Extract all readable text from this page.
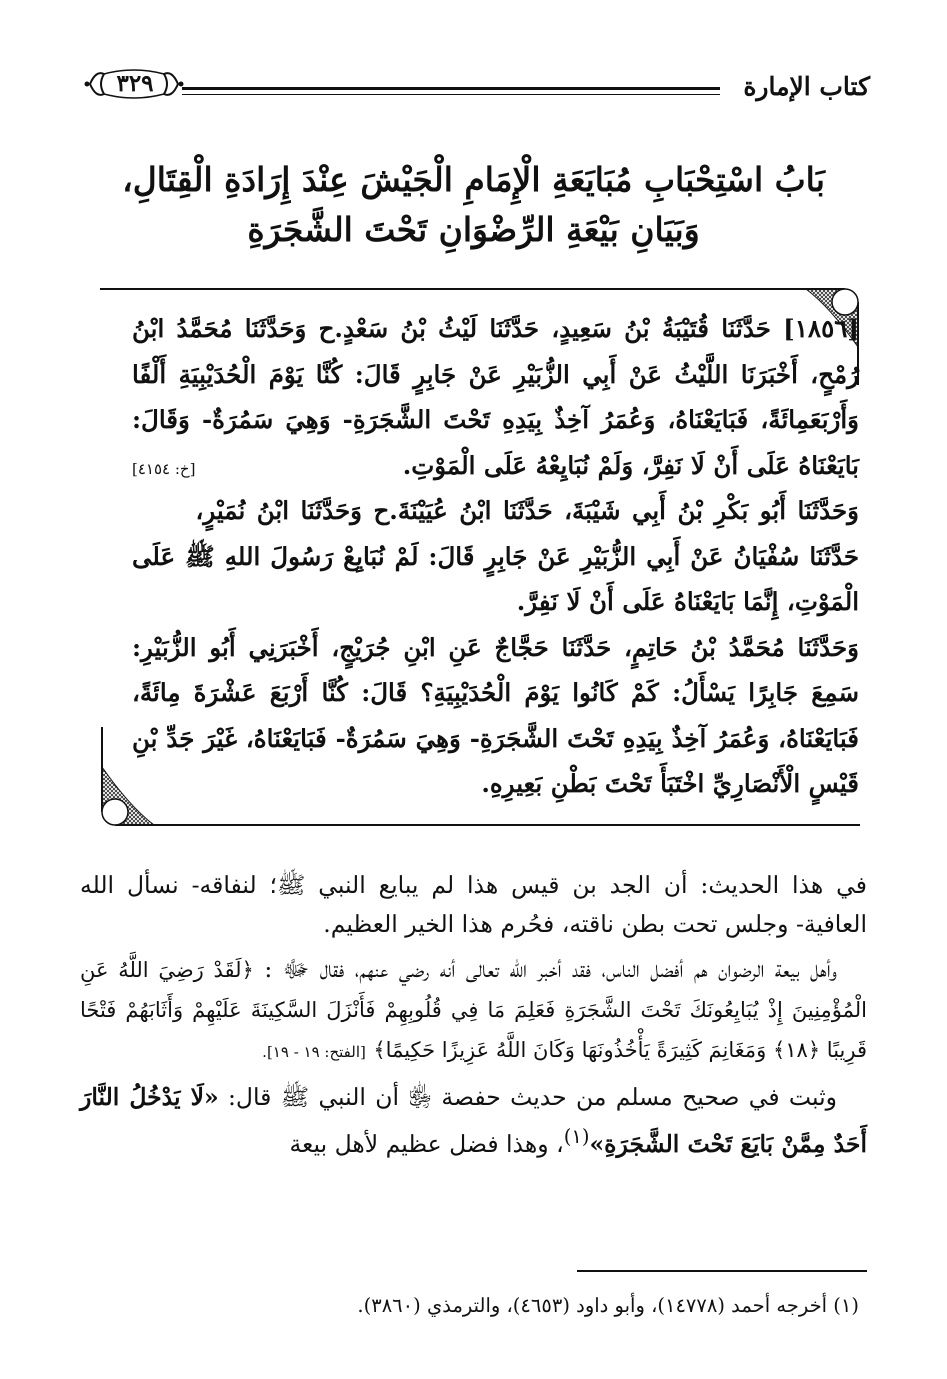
كتاب الإمارة
٣٢٩
بَابُ اسْتِحْبَابِ مُبَايَعَةِ الْإِمَامِ الْجَيْشَ عِنْدَ إِرَادَةِ الْقِتَالِ،
وَبَيَانِ بَيْعَةِ الرِّضْوَانِ تَحْتَ الشَّجَرَةِ

[١٨٥٦] حَدَّثَنَا قُتَيْبَةُ بْنُ سَعِيدٍ، حَدَّثَنَا لَيْثُ بْنُ سَعْدٍ.ح وَحَدَّثَنَا مُحَمَّدُ ابْنُ رُمْحٍ، أَخْبَرَنَا اللَّيْثُ عَنْ أَبِي الزُّبَيْرِ عَنْ جَابِرٍ قَالَ: كُنَّا يَوْمَ الْحُدَيْبِيَةِ أَلْفًا وَأَرْبَعَمِائَةً، فَبَايَعْنَاهُ، وَعُمَرُ آخِذٌ بِيَدِهِ تَحْتَ الشَّجَرَةِ- وَهِيَ سَمُرَةٌ- وَقَالَ: بَايَعْنَاهُ عَلَى أَنْ لَا نَفِرَّ، وَلَمْ نُبَايِعْهُ عَلَى الْمَوْتِ.
[خ: ٤١٥٤]

وَحَدَّثَنَا أَبُو بَكْرِ بْنُ أَبِي شَيْبَةَ، حَدَّثَنَا ابْنُ عُيَيْنَةَ.ح وَحَدَّثَنَا ابْنُ نُمَيْرٍ، حَدَّثَنَا سُفْيَانُ عَنْ أَبِي الزُّبَيْرِ عَنْ جَابِرٍ قَالَ: لَمْ نُبَايِعْ رَسُولَ اللهِ ﷺ عَلَى الْمَوْتِ، إِنَّمَا بَايَعْنَاهُ عَلَى أَنْ لَا نَفِرَّ.

وَحَدَّثَنَا مُحَمَّدُ بْنُ حَاتِمٍ، حَدَّثَنَا حَجَّاجٌ عَنِ ابْنِ جُرَيْجٍ، أَخْبَرَنِي أَبُو الزُّبَيْرِ: سَمِعَ جَابِرًا يَسْأَلُ: كَمْ كَانُوا يَوْمَ الْحُدَيْبِيَةِ؟ قَالَ: كُنَّا أَرْبَعَ عَشْرَةَ مِائَةً، فَبَايَعْنَاهُ، وَعُمَرُ آخِذٌ بِيَدِهِ تَحْتَ الشَّجَرَةِ- وَهِيَ سَمُرَةٌ- فَبَايَعْنَاهُ، غَيْرَ جَدِّ بْنِ قَيْسٍ الْأَنْصَارِيِّ اخْتَبَأَ تَحْتَ بَطْنِ بَعِيرِهِ.

في هذا الحديث: أن الجد بن قيس هذا لم يبايع النبي ﷺ؛ لنفاقه- نسأل الله العافية- وجلس تحت بطن ناقته، فحُرم هذا الخير العظيم.

وأهل بيعة الرضوان هم أفضل الناس، فقد أخبر الله تعالى أنه رضي عنهم، فقال ﷻ : ﴿لَقَدْ رَضِيَ اللَّهُ عَنِ الْمُؤْمِنِينَ إِذْ يُبَايِعُونَكَ تَحْتَ الشَّجَرَةِ فَعَلِمَ مَا فِي قُلُوبِهِمْ فَأَنْزَلَ السَّكِينَةَ عَلَيْهِمْ وَأَثَابَهُمْ فَتْحًا قَرِيبًا ﴿١٨﴾ وَمَغَانِمَ كَثِيرَةً يَأْخُذُونَهَا وَكَانَ اللَّهُ عَزِيزًا حَكِيمًا﴾ [الفتح: ١٩ - ١٩].

وثبت في صحيح مسلم من حديث حفصة ﵂ أن النبي ﷺ قال: «لَا يَدْخُلُ النَّارَ أَحَدٌ مِمَّنْ بَايَعَ تَحْتَ الشَّجَرَةِ»$^{(١)}$، وهذا فضل عظيم لأهل بيعة

(١) أخرجه أحمد (١٤٧٧٨)، وأبو داود (٤٦٥٣)، والترمذي (٣٨٦٠).
